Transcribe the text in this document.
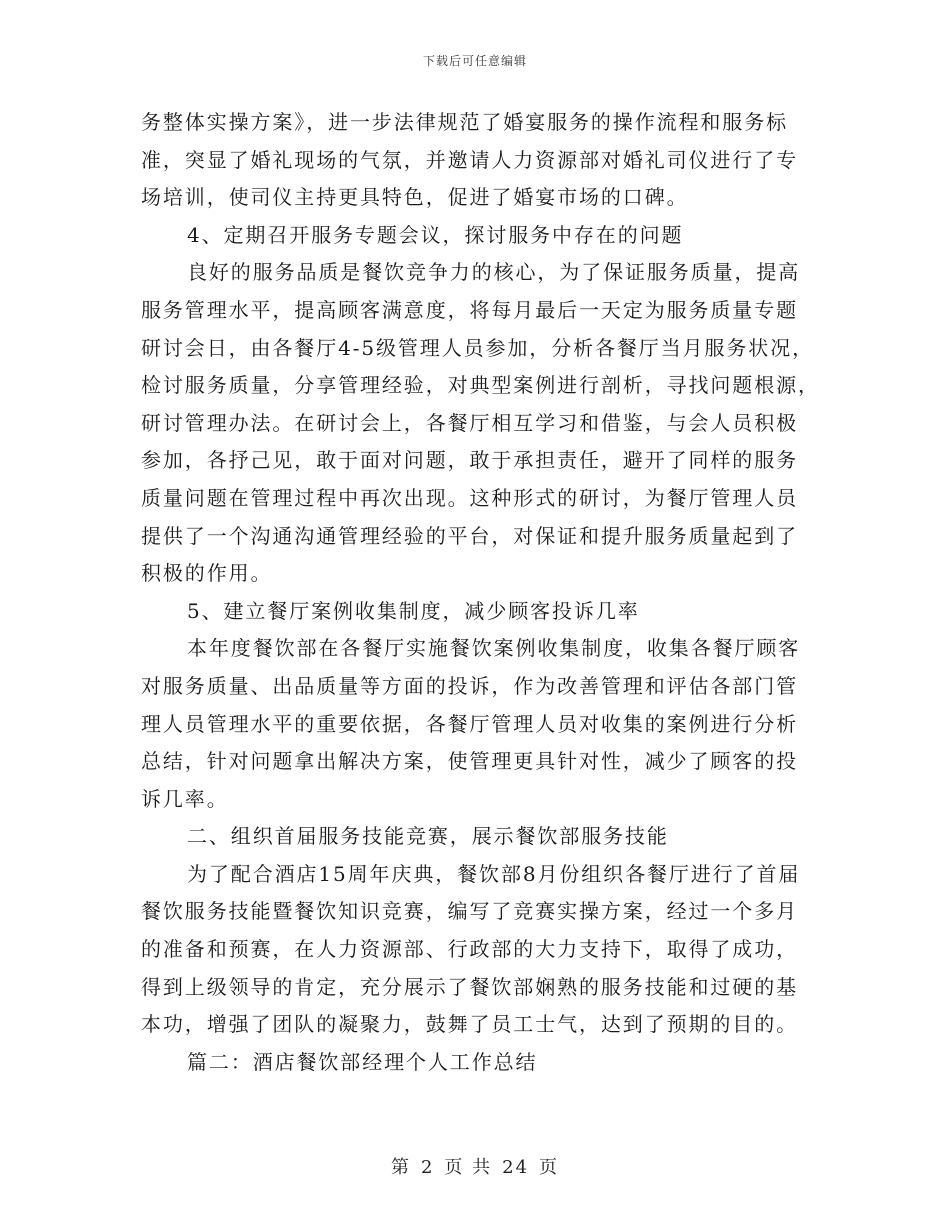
下载后可任意编辑
务整体实操方案》，进一步法律规范了婚宴服务的操作流程和服务标
准，突显了婚礼现场的气氛，并邀请人力资源部对婚礼司仪进行了专
场培训，使司仪主持更具特色，促进了婚宴市场的口碑。
4、定期召开服务专题会议，探讨服务中存在的问题
良好的服务品质是餐饮竞争力的核心，为了保证服务质量，提高
服务管理水平，提高顾客满意度，将每月最后一天定为服务质量专题
研讨会日，由各餐厅4-5级管理人员参加，分析各餐厅当月服务状况，
检讨服务质量，分享管理经验，对典型案例进行剖析，寻找问题根源，
研讨管理办法。在研讨会上，各餐厅相互学习和借鉴，与会人员积极
参加，各抒己见，敢于面对问题，敢于承担责任，避开了同样的服务
质量问题在管理过程中再次出现。这种形式的研讨，为餐厅管理人员
提供了一个沟通沟通管理经验的平台，对保证和提升服务质量起到了
积极的作用。
5、建立餐厅案例收集制度，减少顾客投诉几率
本年度餐饮部在各餐厅实施餐饮案例收集制度，收集各餐厅顾客
对服务质量、出品质量等方面的投诉，作为改善管理和评估各部门管
理人员管理水平的重要依据，各餐厅管理人员对收集的案例进行分析
总结，针对问题拿出解决方案，使管理更具针对性，减少了顾客的投
诉几率。
二、组织首届服务技能竞赛，展示餐饮部服务技能
为了配合酒店15周年庆典，餐饮部8月份组织各餐厅进行了首届
餐饮服务技能暨餐饮知识竞赛，编写了竞赛实操方案，经过一个多月
的准备和预赛，在人力资源部、行政部的大力支持下，取得了成功，
得到上级领导的肯定，充分展示了餐饮部娴熟的服务技能和过硬的基
本功，增强了团队的凝聚力，鼓舞了员工士气，达到了预期的目的。
篇二：酒店餐饮部经理个人工作总结
第 2 页 共 24 页
